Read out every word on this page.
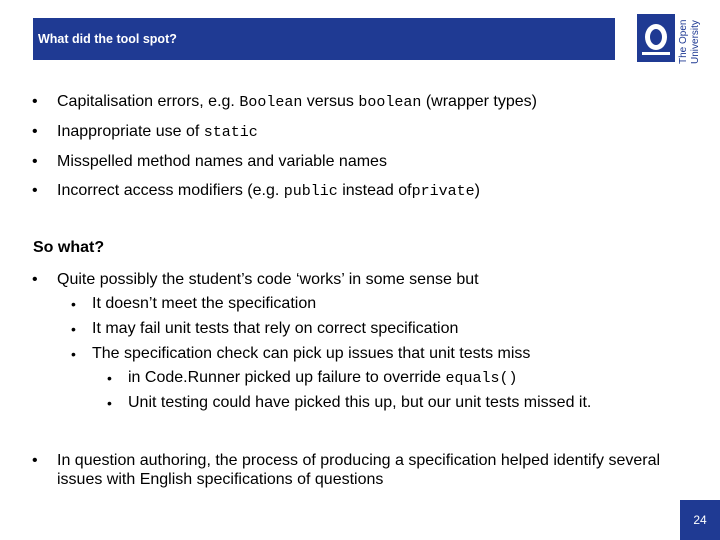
What did the tool spot?	The Open University
• Capitalisation errors, e.g. Boolean versus boolean (wrapper types)
• Inappropriate use of static
• Misspelled method names and variable names
• Incorrect access modifiers (e.g. public instead ofprivate)
So what?
• Quite possibly the student’s code ‘works’ in some sense but
• It doesn’t meet the specification
• It may fail unit tests that rely on correct specification
• The specification check can pick up issues that unit tests miss
• in Code.Runner picked up failure to override equals()
• Unit testing could have picked this up, but our unit tests missed it.
• In question authoring, the process of producing a specification helped identify several issues with English specifications of questions
24
